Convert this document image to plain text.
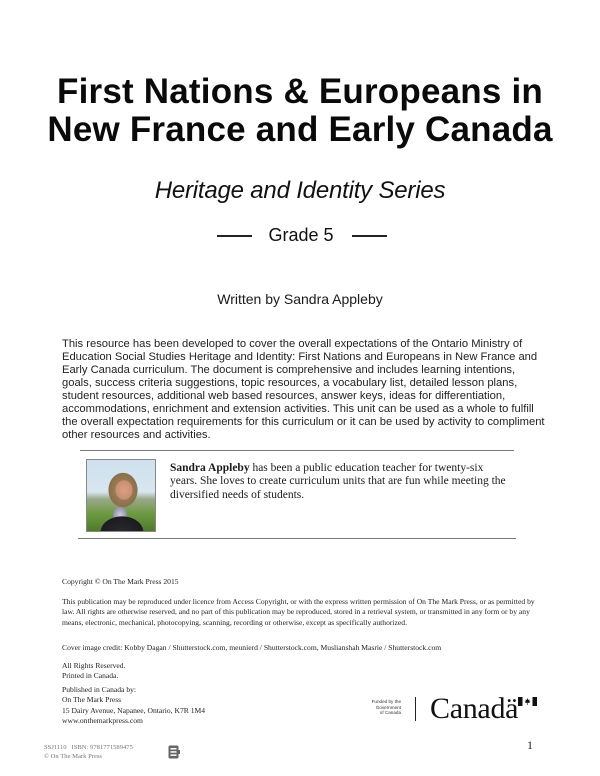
First Nations & Europeans in
New France and Early Canada
Heritage and Identity Series
Grade 5
Written by Sandra Appleby
This resource has been developed to cover the overall expectations of the Ontario Ministry of Education Social Studies Heritage and Identity: First Nations and Europeans in New France and Early Canada curriculum. The document is comprehensive and includes learning intentions, goals, success criteria suggestions, topic resources, a vocabulary list, detailed lesson plans, student resources, additional web based resources, answer keys, ideas for differentiation, accommodations, enrichment and extension activities. This unit can be used as a whole to fulfill the overall expectation requirements for this curriculum or it can be used by activity to compliment other resources and activities.
Sandra Appleby has been a public education teacher for twenty-six years. She loves to create curriculum units that are fun while meeting the diversified needs of students.
Copyright © On The Mark Press 2015
This publication may be reproduced under licence from Access Copyright, or with the express written permission of On The Mark Press, or as permitted by law. All rights are otherwise reserved, and no part of this publication may be reproduced, stored in a retrieval system, or transmitted in any form or by any means, electronic, mechanical, photocopying, scanning, recording or otherwise, except as specifically authorized.
Cover image credit: Kobby Dagan / Shutterstock.com, meunierd / Shutterstock.com, Muslianshah Masrie / Shutterstock.com
All Rights Reserved.
Printed in Canada.
Published in Canada by:
On The Mark Press
15 Dairy Avenue, Napanee, Ontario, K7R 1M4
www.onthemarkpress.com
Funded by the
Government
of Canada Canadä
SSJ1110   ISBN: 9781771589475
© On The Mark Press
1
